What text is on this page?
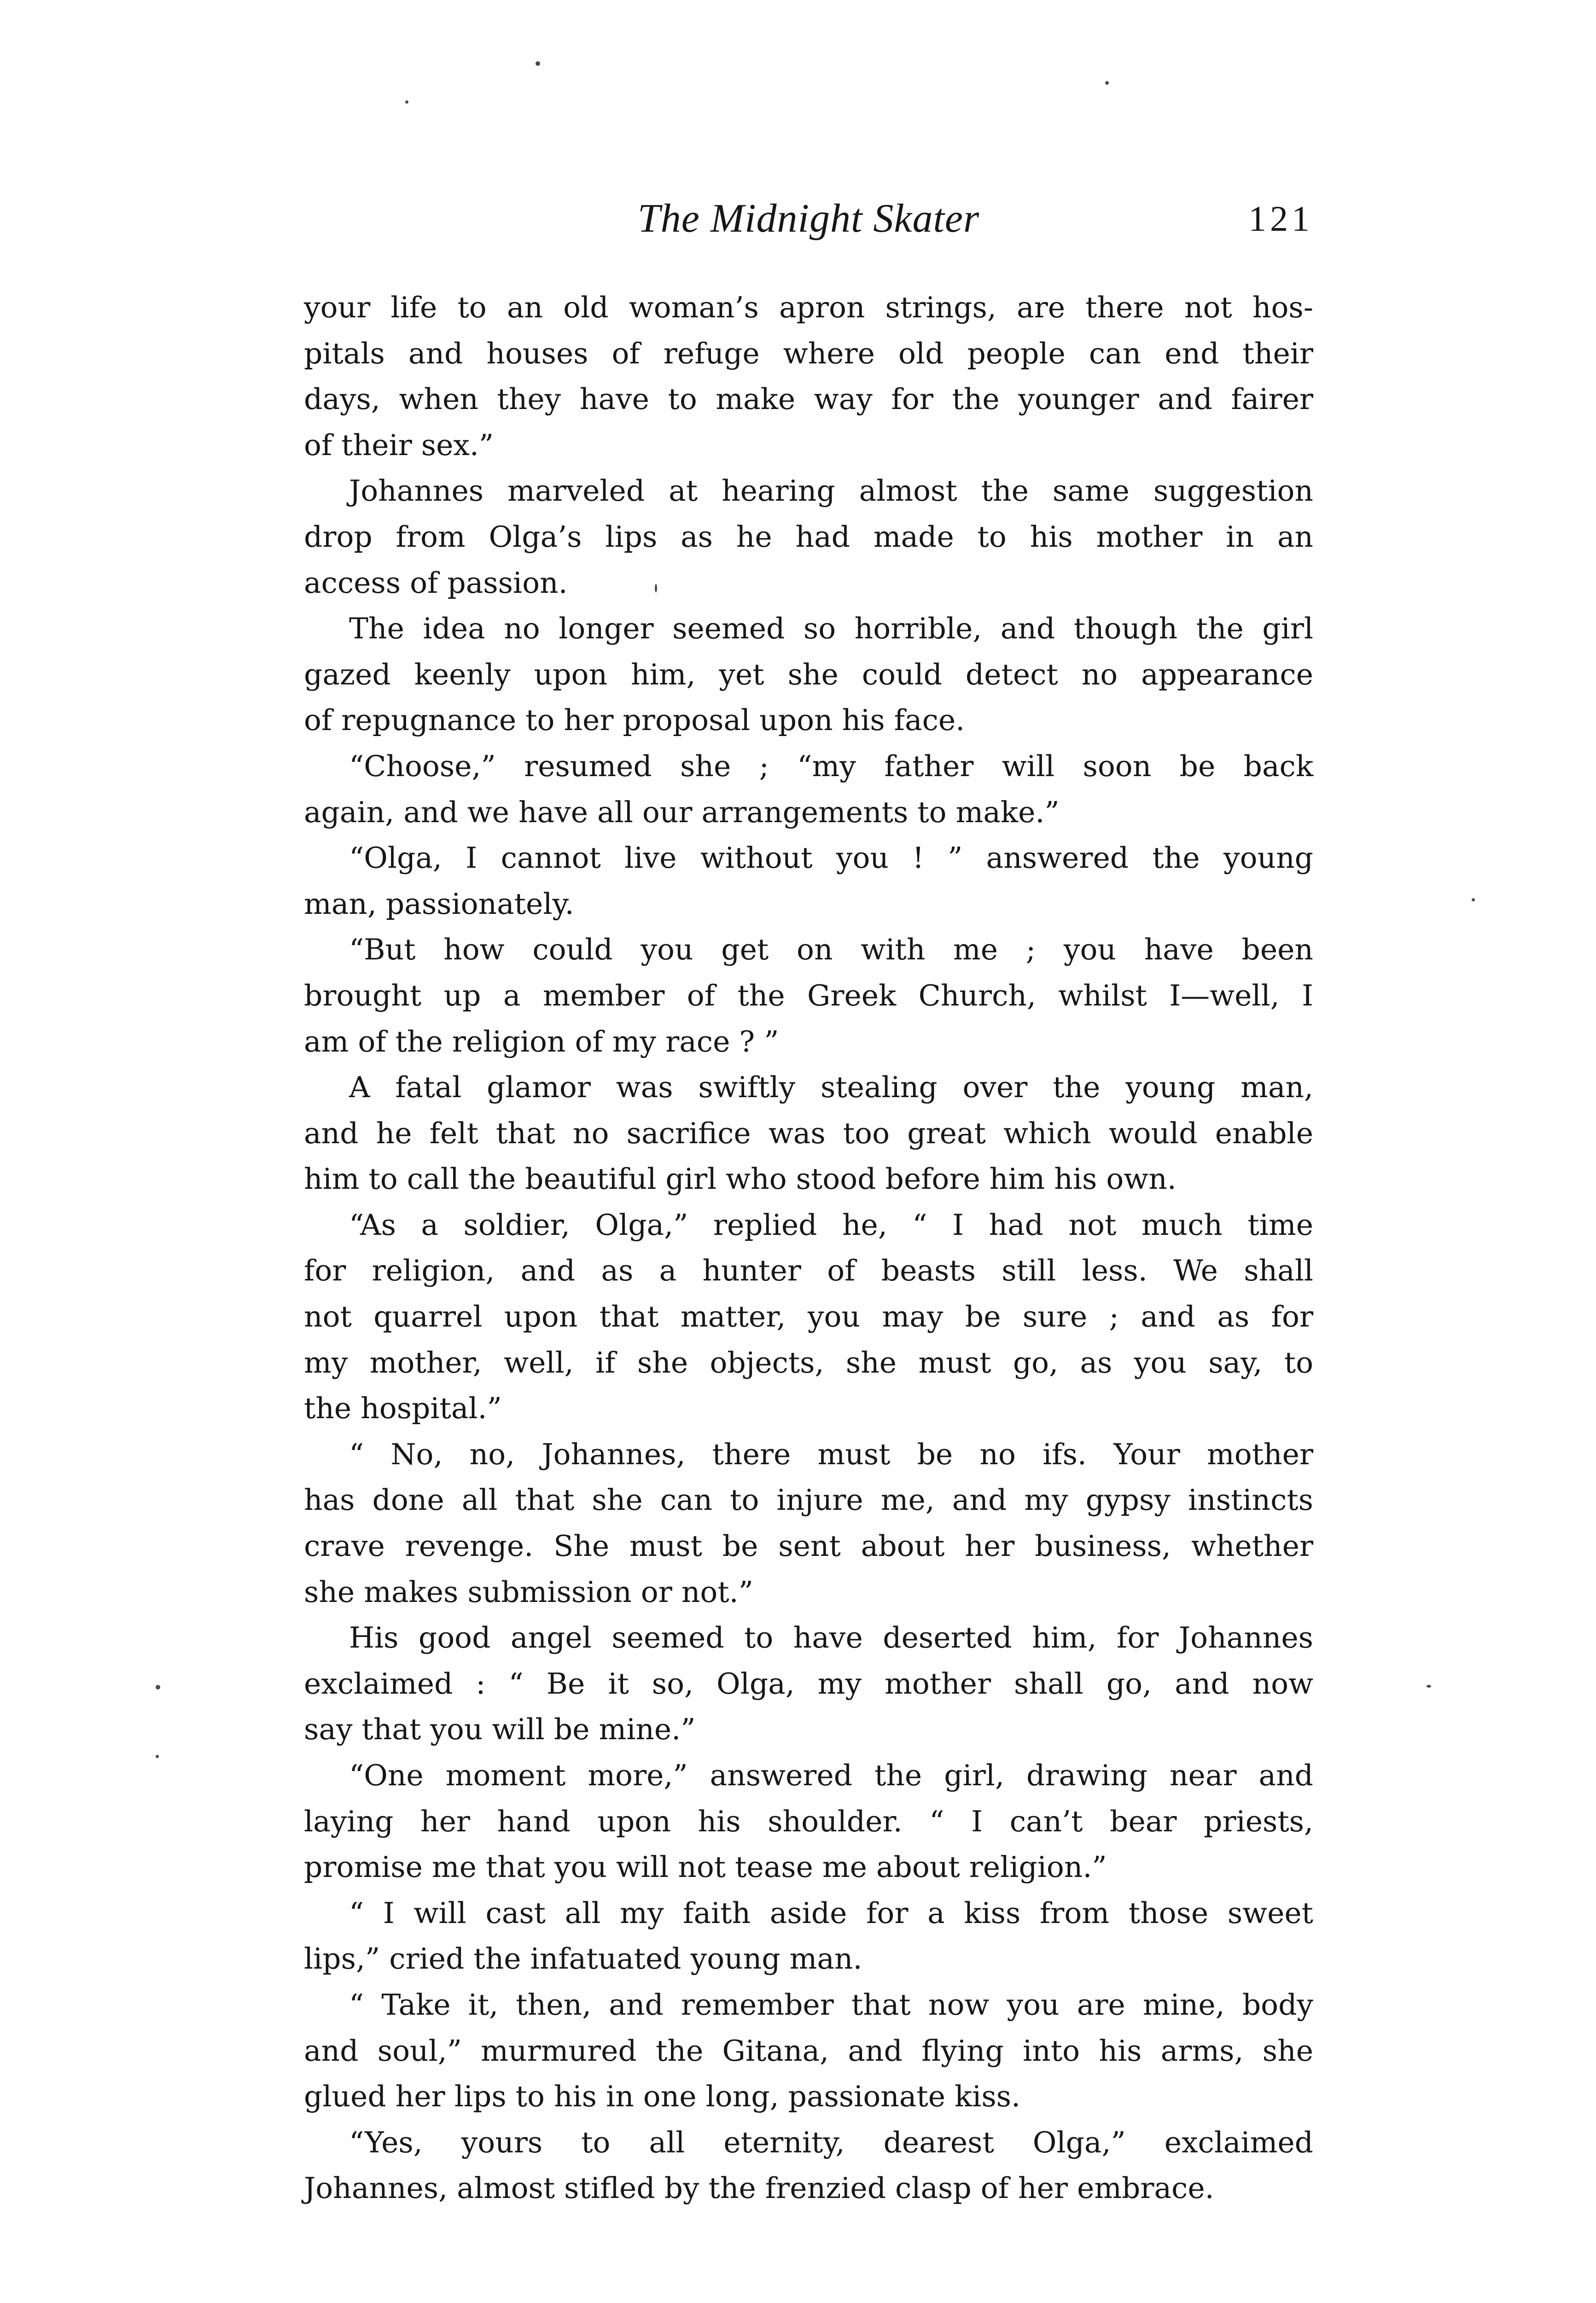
The Midnight Skater	121
your life to an old woman’s apron strings, are there not hos-
pitals and houses of refuge where old people can end their
days, when they have to make way for the younger and fairer
of their sex.”
Johannes marveled at hearing almost the same suggestion
drop from Olga’s lips as he had made to his mother in an
access of passion.
The idea no longer seemed so horrible, and though the girl
gazed keenly upon him, yet she could detect no appearance
of repugnance to her proposal upon his face.
“Choose,” resumed she ; “my father will soon be back
again, and we have all our arrangements to make.”
“Olga, I cannot live without you ! ” answered the young
man, passionately.
“But how could you get on with me ; you have been
brought up a member of the Greek Church, whilst I—well, I
am of the religion of my race ? ”
A fatal glamor was swiftly stealing over the young man,
and he felt that no sacrifice was too great which would enable
him to call the beautiful girl who stood before him his own.
“As a soldier, Olga,” replied he, “ I had not much time
for religion, and as a hunter of beasts still less. We shall
not quarrel upon that matter, you may be sure ; and as for
my mother, well, if she objects, she must go, as you say, to
the hospital.”
“ No, no, Johannes, there must be no ifs. Your mother
has done all that she can to injure me, and my gypsy instincts
crave revenge. She must be sent about her business, whether
she makes submission or not.”
His good angel seemed to have deserted him, for Johannes
exclaimed : “ Be it so, Olga, my mother shall go, and now
say that you will be mine.”
“One moment more,” answered the girl, drawing near and
laying her hand upon his shoulder. “ I can’t bear priests,
promise me that you will not tease me about religion.”
“ I will cast all my faith aside for a kiss from those sweet
lips,” cried the infatuated young man.
“ Take it, then, and remember that now you are mine, body
and soul,” murmured the Gitana, and flying into his arms, she
glued her lips to his in one long, passionate kiss.
“Yes, yours to all eternity, dearest Olga,” exclaimed
Johannes, almost stifled by the frenzied clasp of her embrace.
